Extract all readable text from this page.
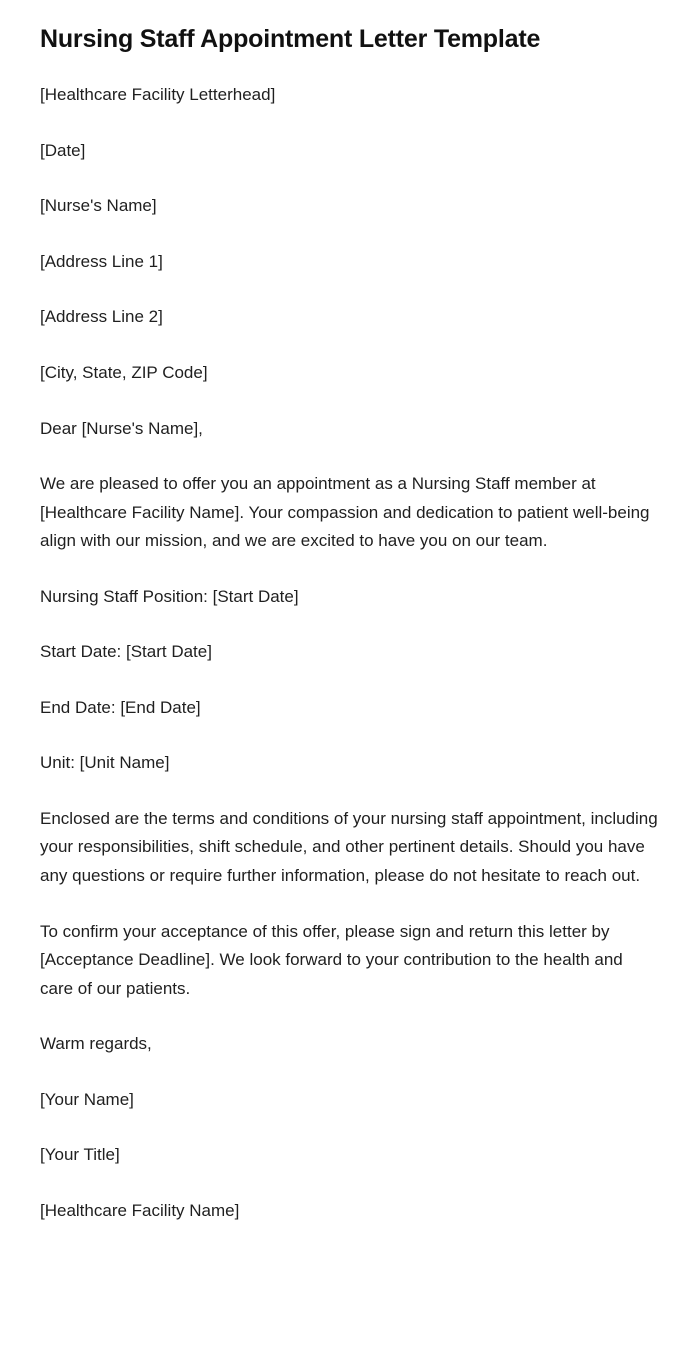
Nursing Staff Appointment Letter Template

[Healthcare Facility Letterhead]

[Date]

[Nurse's Name]

[Address Line 1]

[Address Line 2]

[City, State, ZIP Code]

Dear [Nurse's Name],

We are pleased to offer you an appointment as a Nursing Staff member at [Healthcare Facility Name]. Your compassion and dedication to patient well-being align with our mission, and we are excited to have you on our team.

Nursing Staff Position: [Start Date]

Start Date: [Start Date]

End Date: [End Date]

Unit: [Unit Name]

Enclosed are the terms and conditions of your nursing staff appointment, including your responsibilities, shift schedule, and other pertinent details. Should you have any questions or require further information, please do not hesitate to reach out.

To confirm your acceptance of this offer, please sign and return this letter by [Acceptance Deadline]. We look forward to your contribution to the health and care of our patients.

Warm regards,

[Your Name]

[Your Title]

[Healthcare Facility Name]
